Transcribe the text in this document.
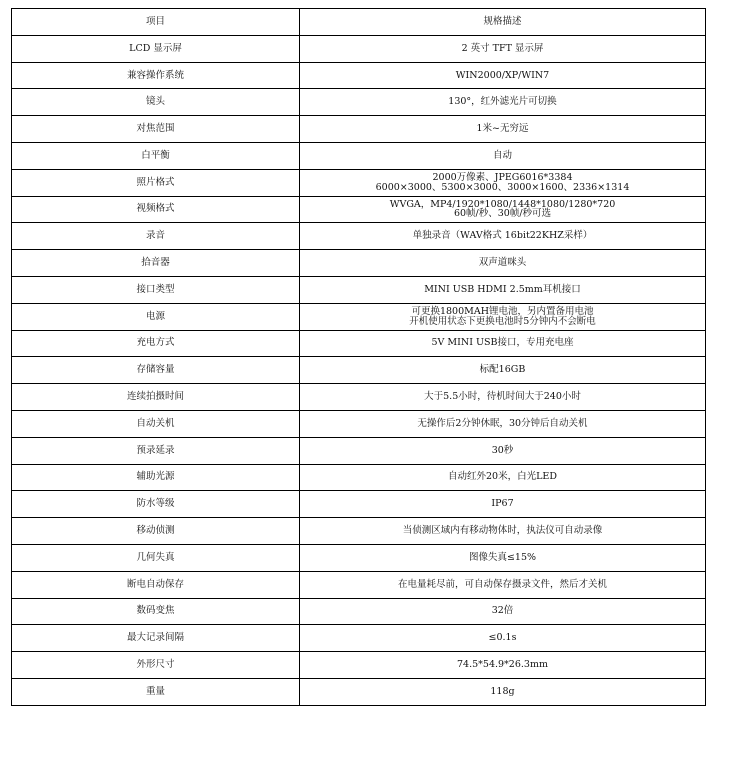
项目	规格描述

LCD 显示屏	2 英寸 TFT 显示屏

兼容操作系统	WIN2000/XP/WIN7

镜头	130°，红外滤光片可切换

对焦范围	1米~无穷远

白平衡	自动

照片格式	2000万像素、JPEG6016*3384
6000×3000、5300×3000、3000×1600、2336×1314

视频格式	WVGA，MP4/1920*1080/1448*1080/1280*720
60帧/秒、30帧/秒可选

录音	单独录音（WAV格式 16bit22KHZ采样）

拾音器	双声道咪头

接口类型	MINI USB HDMI 2.5mm耳机接口

电源	可更换1800MAH锂电池，另内置备用电池
开机使用状态下更换电池时5分钟内不会断电

充电方式	5V MINI USB接口，专用充电座

存储容量	标配16GB

连续拍摄时间	大于5.5小时，待机时间大于240小时

自动关机	无操作后2分钟休眠，30分钟后自动关机

预录延录	30秒

辅助光源	自动红外20米，白光LED

防水等级	IP67

移动侦测	当侦测区域内有移动物体时，执法仪可自动录像

几何失真	图像失真≤15%

断电自动保存	在电量耗尽前，可自动保存摄录文件，然后才关机

数码变焦	32倍

最大记录间隔	≤0.1s

外形尺寸	74.5*54.9*26.3mm

重量	118g
